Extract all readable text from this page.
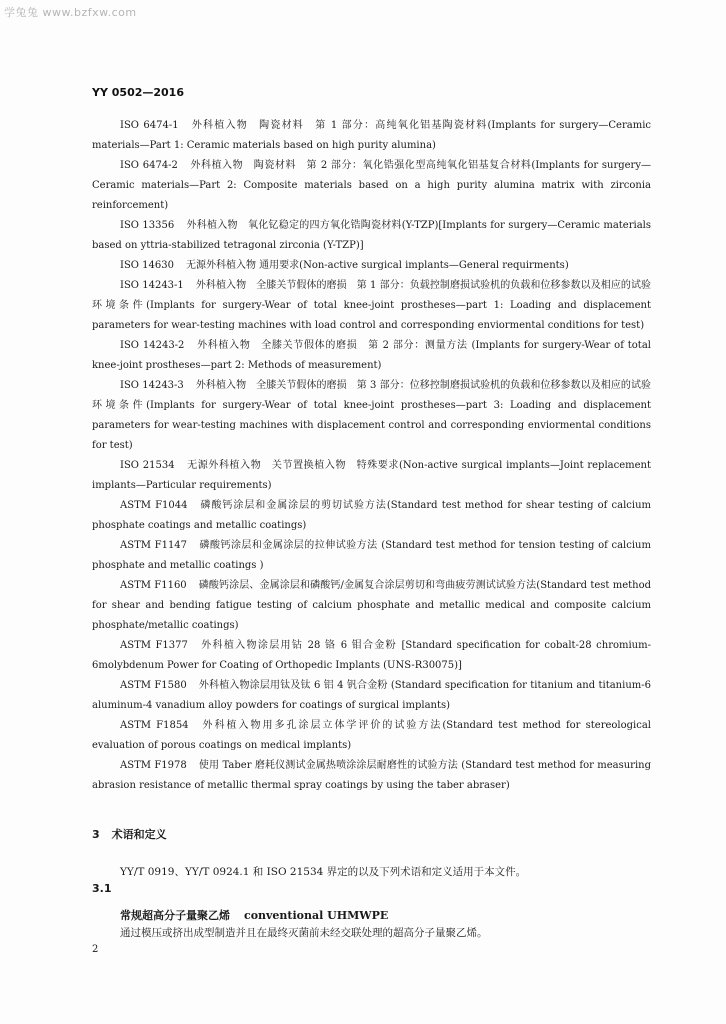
学兔兔 www.bzfxw.com
YY 0502—2016

ISO 6474-1 外科植入物　陶瓷材料　第 1 部分：高纯氧化铝基陶瓷材料(Implants for surgery—Ceramic materials—Part 1: Ceramic materials based on high purity alumina)

ISO 6474-2 外科植入物　陶瓷材料　第 2 部分：氧化锆强化型高纯氧化铝基复合材料(Implants for surgery—Ceramic materials—Part 2: Composite materials based on a high purity alumina matrix with zirconia reinforcement)

ISO 13356 外科植入物　氧化钇稳定的四方氧化锆陶瓷材料(Y-TZP)[Implants for surgery—Ceramic materials based on yttria-stabilized tetragonal zirconia (Y-TZP)]

ISO 14630 无源外科植入物 通用要求(Non-active surgical implants—General requirments)

ISO 14243-1 外科植入物　全膝关节假体的磨损　第 1 部分：负载控制磨损试验机的负载和位移参数以及相应的试验环境条件(Implants for surgery-Wear of total knee-joint prostheses—part 1: Loading and displacement parameters for wear-testing machines with load control and corresponding enviormental conditions for test)

ISO 14243-2 外科植入物　全膝关节假体的磨损　第 2 部分：测量方法 (Implants for surgery-Wear of total knee-joint prostheses—part 2: Methods of measurement)

ISO 14243-3 外科植入物　全膝关节假体的磨损　第 3 部分：位移控制磨损试验机的负载和位移参数以及相应的试验环境条件(Implants for surgery-Wear of total knee-joint prostheses—part 3: Loading and displacement parameters for wear-testing machines with displacement control and corresponding enviormental conditions for test)

ISO 21534 无源外科植入物　关节置换植入物　特殊要求(Non-active surgical implants—Joint replacement implants—Particular requirements)

ASTM F1044 磷酸钙涂层和金属涂层的剪切试验方法(Standard test method for shear testing of calcium phosphate coatings and metallic coatings)

ASTM F1147 磷酸钙涂层和金属涂层的拉伸试验方法 (Standard test method for tension testing of calcium phosphate and metallic coatings )

ASTM F1160 磷酸钙涂层、金属涂层和磷酸钙/金属复合涂层剪切和弯曲疲劳测试试验方法(Standard test method for shear and bending fatigue testing of calcium phosphate and metallic medical and composite calcium phosphate/metallic coatings)

ASTM F1377 外科植入物涂层用钴 28 铬 6 钼合金粉 [Standard specification for cobalt-28 chromium-6molybdenum Power for Coating of Orthopedic Implants (UNS-R30075)]

ASTM F1580 外科植入物涂层用钛及钛 6 铝 4 钒合金粉 (Standard specification for titanium and titanium-6 aluminum-4 vanadium alloy powders for coatings of surgical implants)

ASTM F1854 外科植入物用多孔涂层立体学评价的试验方法(Standard test method for stereological evaluation of porous coatings on medical implants)

ASTM F1978 使用 Taber 磨耗仪测试金属热喷涂涂层耐磨性的试验方法 (Standard test method for measuring abrasion resistance of metallic thermal spray coatings by using the taber abraser)

3 术语和定义
YY/T 0919、YY/T 0924.1 和 ISO 21534 界定的以及下列术语和定义适用于本文件。
3.1
常规超高分子量聚乙烯 conventional UHMWPE
通过模压或挤出成型制造并且在最终灭菌前未经交联处理的超高分子量聚乙烯。
2
